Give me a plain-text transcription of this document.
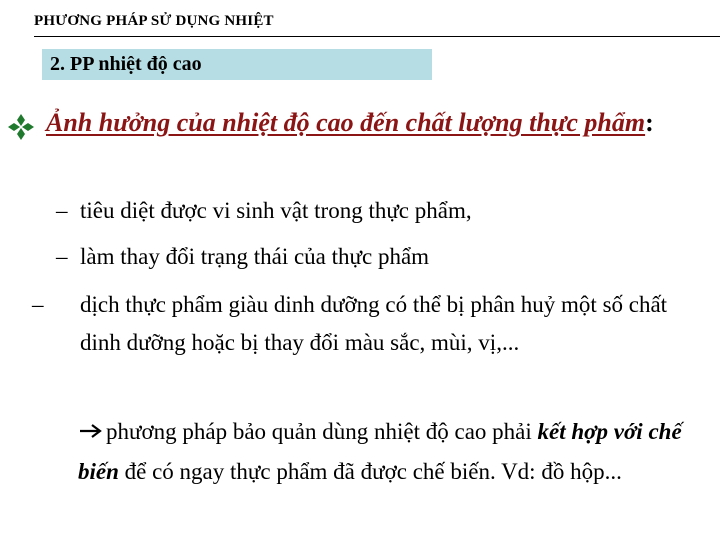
PHƯƠNG PHÁP SỬ DỤNG NHIỆT
2. PP nhiệt độ cao
Ảnh hưởng của nhiệt độ cao đến chất lượng thực phẩm:
– tiêu diệt được vi sinh vật trong thực phẩm,
– làm thay đổi trạng thái của thực phẩm
– dịch thực phẩm giàu dinh dưỡng có thể bị phân huỷ một số chất dinh dưỡng hoặc bị thay đổi màu sắc, mùi, vị,...
phương pháp bảo quản dùng nhiệt độ cao phải kết hợp với chế biến để có ngay thực phẩm đã được chế biến. Vd: đồ hộp...
